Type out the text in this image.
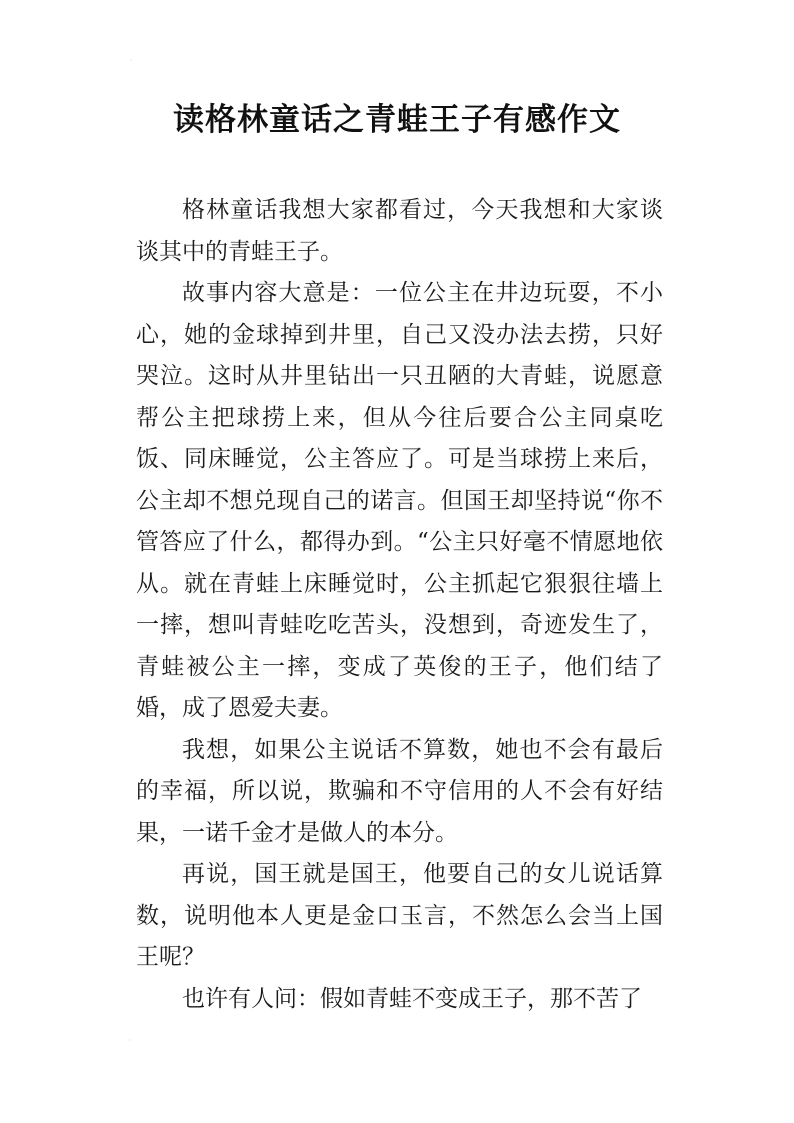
·
读格林童话之青蛙王子有感作文

格林童话我想大家都看过，今天我想和大家谈谈其中的青蛙王子。

故事内容大意是：一位公主在井边玩耍，不小心，她的金球掉到井里，自己又没办法去捞，只好哭泣。这时从井里钻出一只丑陋的大青蛙，说愿意帮公主把球捞上来，但从今往后要合公主同桌吃饭、同床睡觉，公主答应了。可是当球捞上来后，公主却不想兑现自己的诺言。但国王却坚持说“你不管答应了什么，都得办到。“公主只好毫不情愿地依从。就在青蛙上床睡觉时，公主抓起它狠狠往墙上一摔，想叫青蛙吃吃苦头，没想到，奇迹发生了，青蛙被公主一摔，变成了英俊的王子，他们结了婚，成了恩爱夫妻。

我想，如果公主说话不算数，她也不会有最后的幸福，所以说，欺骗和不守信用的人不会有好结果，一诺千金才是做人的本分。

再说，国王就是国王，他要自己的女儿说话算数，说明他本人更是金口玉言，不然怎么会当上国王呢？

也许有人问：假如青蛙不变成王子，那不苦了

·
